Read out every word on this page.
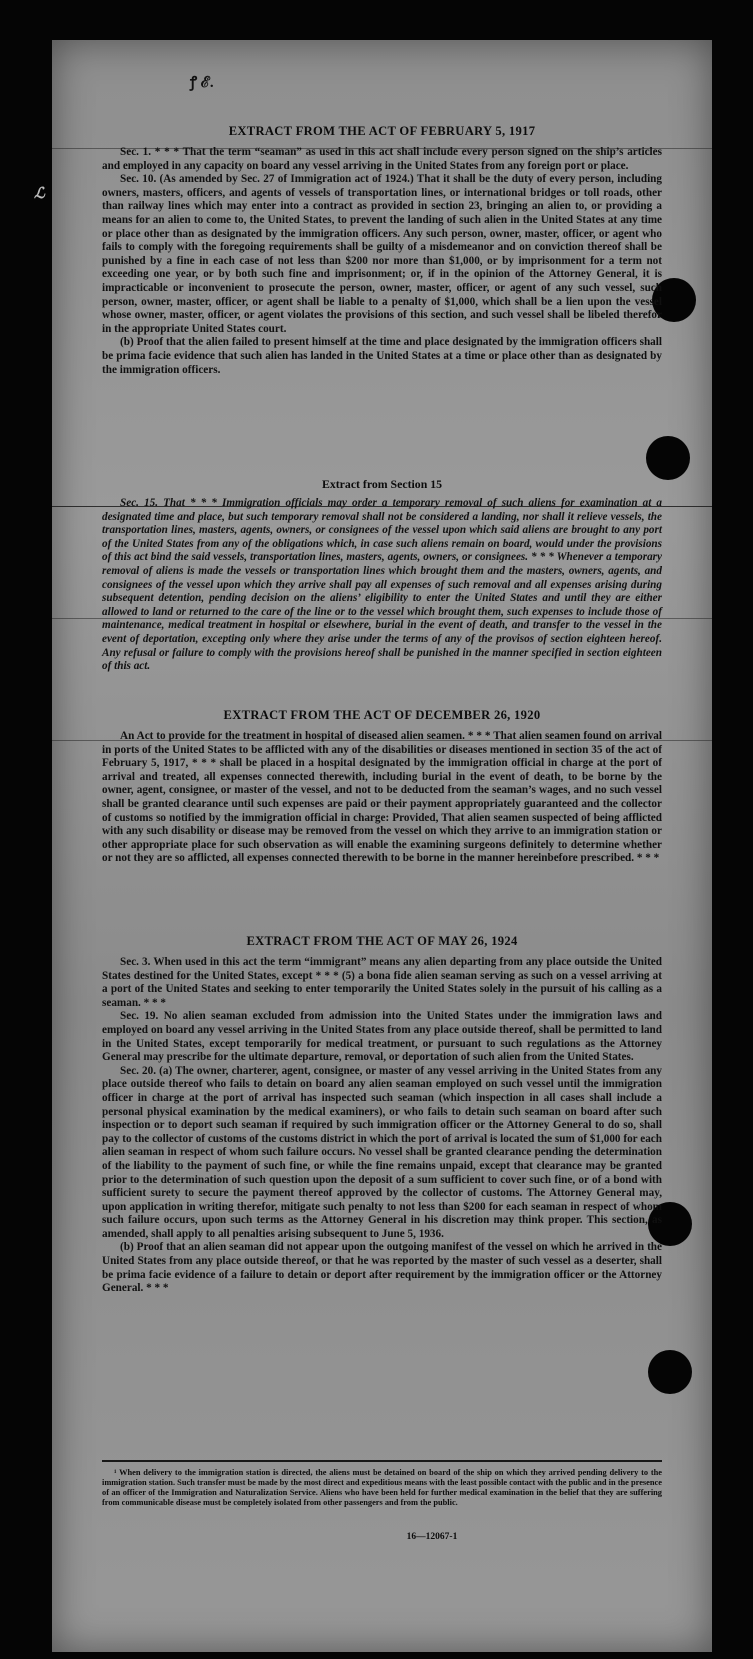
ꝭ ℰ.
EXTRACT FROM THE ACT OF FEBRUARY 5, 1917

Sec. 1. * * * That the term “seaman” as used in this act shall include every person signed on the ship’s articles and employed in any capacity on board any vessel arriving in the United States from any foreign port or place.

Sec. 10. (As amended by Sec. 27 of Immigration act of 1924.) That it shall be the duty of every person, including owners, masters, officers, and agents of vessels of transportation lines, or international bridges or toll roads, other than railway lines which may enter into a contract as provided in section 23, bringing an alien to, or providing a means for an alien to come to, the United States, to prevent the landing of such alien in the United States at any time or place other than as designated by the immigration officers. Any such person, owner, master, officer, or agent who fails to comply with the foregoing requirements shall be guilty of a misdemeanor and on conviction thereof shall be punished by a fine in each case of not less than $200 nor more than $1,000, or by imprisonment for a term not exceeding one year, or by both such fine and imprisonment; or, if in the opinion of the Attorney General, it is impracticable or inconvenient to prosecute the person, owner, master, officer, or agent of any such vessel, such person, owner, master, officer, or agent shall be liable to a penalty of $1,000, which shall be a lien upon the vessel whose owner, master, officer, or agent violates the provisions of this section, and such vessel shall be libeled therefor in the appropriate United States court.

(b) Proof that the alien failed to present himself at the time and place designated by the immigration officers shall be prima facie evidence that such alien has landed in the United States at a time or place other than as designated by the immigration officers.

Extract from Section 15

Sec. 15. That * * * Immigration officials may order a temporary removal of such aliens for examination at a designated time and place, but such temporary removal shall not be considered a landing, nor shall it relieve vessels, the transportation lines, masters, agents, owners, or consignees of the vessel upon which said aliens are brought to any port of the United States from any of the obligations which, in case such aliens remain on board, would under the provisions of this act bind the said vessels, transportation lines, masters, agents, owners, or consignees. * * * Whenever a temporary removal of aliens is made the vessels or transportation lines which brought them and the masters, owners, agents, and consignees of the vessel upon which they arrive shall pay all expenses of such removal and all expenses arising during subsequent detention, pending decision on the aliens’ eligibility to enter the United States and until they are either allowed to land or returned to the care of the line or to the vessel which brought them, such expenses to include those of maintenance, medical treatment in hospital or elsewhere, burial in the event of death, and transfer to the vessel in the event of deportation, excepting only where they arise under the terms of any of the provisos of section eighteen hereof. Any refusal or failure to comply with the provisions hereof shall be punished in the manner specified in section eighteen of this act.

EXTRACT FROM THE ACT OF DECEMBER 26, 1920

An Act to provide for the treatment in hospital of diseased alien seamen. * * * That alien seamen found on arrival in ports of the United States to be afflicted with any of the disabilities or diseases mentioned in section 35 of the act of February 5, 1917, * * * shall be placed in a hospital designated by the immigration official in charge at the port of arrival and treated, all expenses connected therewith, including burial in the event of death, to be borne by the owner, agent, consignee, or master of the vessel, and not to be deducted from the seaman’s wages, and no such vessel shall be granted clearance until such expenses are paid or their payment appropriately guaranteed and the collector of customs so notified by the immigration official in charge: Provided, That alien seamen suspected of being afflicted with any such disability or disease may be removed from the vessel on which they arrive to an immigration station or other appropriate place for such observation as will enable the examining surgeons definitely to determine whether or not they are so afflicted, all expenses connected therewith to be borne in the manner hereinbefore prescribed. * * *

EXTRACT FROM THE ACT OF MAY 26, 1924

Sec. 3. When used in this act the term “immigrant” means any alien departing from any place outside the United States destined for the United States, except * * * (5) a bona fide alien seaman serving as such on a vessel arriving at a port of the United States and seeking to enter temporarily the United States solely in the pursuit of his calling as a seaman. * * *

Sec. 19. No alien seaman excluded from admission into the United States under the immigration laws and employed on board any vessel arriving in the United States from any place outside thereof, shall be permitted to land in the United States, except temporarily for medical treatment, or pursuant to such regulations as the Attorney General may prescribe for the ultimate departure, removal, or deportation of such alien from the United States.

Sec. 20. (a) The owner, charterer, agent, consignee, or master of any vessel arriving in the United States from any place outside thereof who fails to detain on board any alien seaman employed on such vessel until the immigration officer in charge at the port of arrival has inspected such seaman (which inspection in all cases shall include a personal physical examination by the medical examiners), or who fails to detain such seaman on board after such inspection or to deport such seaman if required by such immigration officer or the Attorney General to do so, shall pay to the collector of customs of the customs district in which the port of arrival is located the sum of $1,000 for each alien seaman in respect of whom such failure occurs. No vessel shall be granted clearance pending the determination of the liability to the payment of such fine, or while the fine remains unpaid, except that clearance may be granted prior to the determination of such question upon the deposit of a sum sufficient to cover such fine, or of a bond with sufficient surety to secure the payment thereof approved by the collector of customs. The Attorney General may, upon application in writing therefor, mitigate such penalty to not less than $200 for each seaman in respect of whom such failure occurs, upon such terms as the Attorney General in his discretion may think proper. This section, as amended, shall apply to all penalties arising subsequent to June 5, 1936.

(b) Proof that an alien seaman did not appear upon the outgoing manifest of the vessel on which he arrived in the United States from any place outside thereof, or that he was reported by the master of such vessel as a deserter, shall be prima facie evidence of a failure to detain or deport after requirement by the immigration officer or the Attorney General. * * *

¹ When delivery to the immigration station is directed, the aliens must be detained on board of the ship on which they arrived pending delivery to the immigration station. Such transfer must be made by the most direct and expeditious means with the least possible contact with the public and in the presence of an officer of the Immigration and Naturalization Service. Aliens who have been held for further medical examination in the belief that they are suffering from communicable disease must be completely isolated from other passengers and from the public.
16—12067-1
ℒ
